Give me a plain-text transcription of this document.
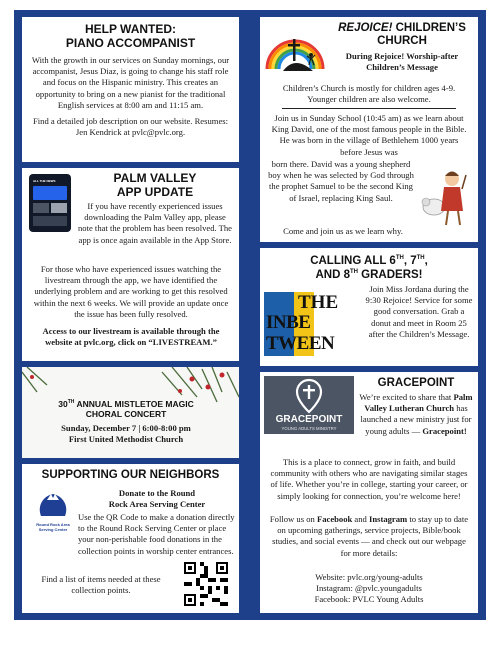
HELP WANTED:

PIANO ACCOMPANIST

With the growth in our services on Sunday mornings, our accompanist, Jesus Diaz, is going to change his staff role and focus on the Hispanic ministry. This creates an opportunity to bring on a new pianist for the traditional English services at 8:00 am and 11:15 am.

Find a detailed job description on our website. Resumes: Jen Kendrick at pvlc@pvlc.org.

ALL THE NEWS	PALM VALLEY

APP UPDATE

If you have recently experienced issues downloading the Palm Valley app, please note that the problem has been resolved. The app is once again available in the App Store.

For those who have experienced issues watching the livestream through the app, we have identified the underlying problem and are working to get this resolved within the next 6 weeks. We will provide an update once the issue has been fully resolved.

Access to our livestream is available through the website at pvlc.org, click on “LIVESTREAM.”

30TH ANNUAL MISTLETOE MAGIC

CHORAL CONCERT

Sunday, December 7 | 6:00-8:00 pm

First United Methodist Church

SUPPORTING OUR NEIGHBORS

Round Rock Area Serving Center

Donate to the Round

Rock Area Serving Center

Use the QR Code to make a donation directly to the Round Rock Serving Center or place your non-perishable food donations in the collection points in worship center entrances.

Find a list of items needed at these collection points.

REJOICE! CHILDREN’S

CHURCH

During Rejoice! Worship-after

Children’s Message

Children’s Church is mostly for children ages 4-9. Younger children are also welcome.

Join us in Sunday School (10:45 am) as we learn about King David, one of the most famous people in the Bible. He was born in the village of Bethlehem 1000 years before Jesus was

born there. David was a young shepherd boy when he was selected by God through the prophet Samuel to be the second King of Israel, replacing King Saul.

Come and join us as we learn why.

CALLING ALL 6TH, 7TH,

AND 8TH GRADERS!

THE
INBE
TWEEN

Join Miss Jordana during the 9:30 Rejoice! Service for some good conversation. Grab a donut and meet in Room 25 after the Children’s Message.

GRACEPOINT
YOUNG ADULTS MINISTRY

GRACEPOINT

We’re excited to share that Palm Valley Lutheran Church has launched a new ministry just for young adults — Gracepoint!

This is a place to connect, grow in faith, and build community with others who are navigating similar stages of life. Whether you’re in college, starting your career, or simply looking for connection, you’re welcome here!

Follow us on Facebook and Instagram to stay up to date on upcoming gatherings, service projects, Bible/book studies, and social events — and check out our webpage for more details:

Website: pvlc.org/young-adults

Instagram: @pvlc.youngadults

Facebook: PVLC Young Adults
